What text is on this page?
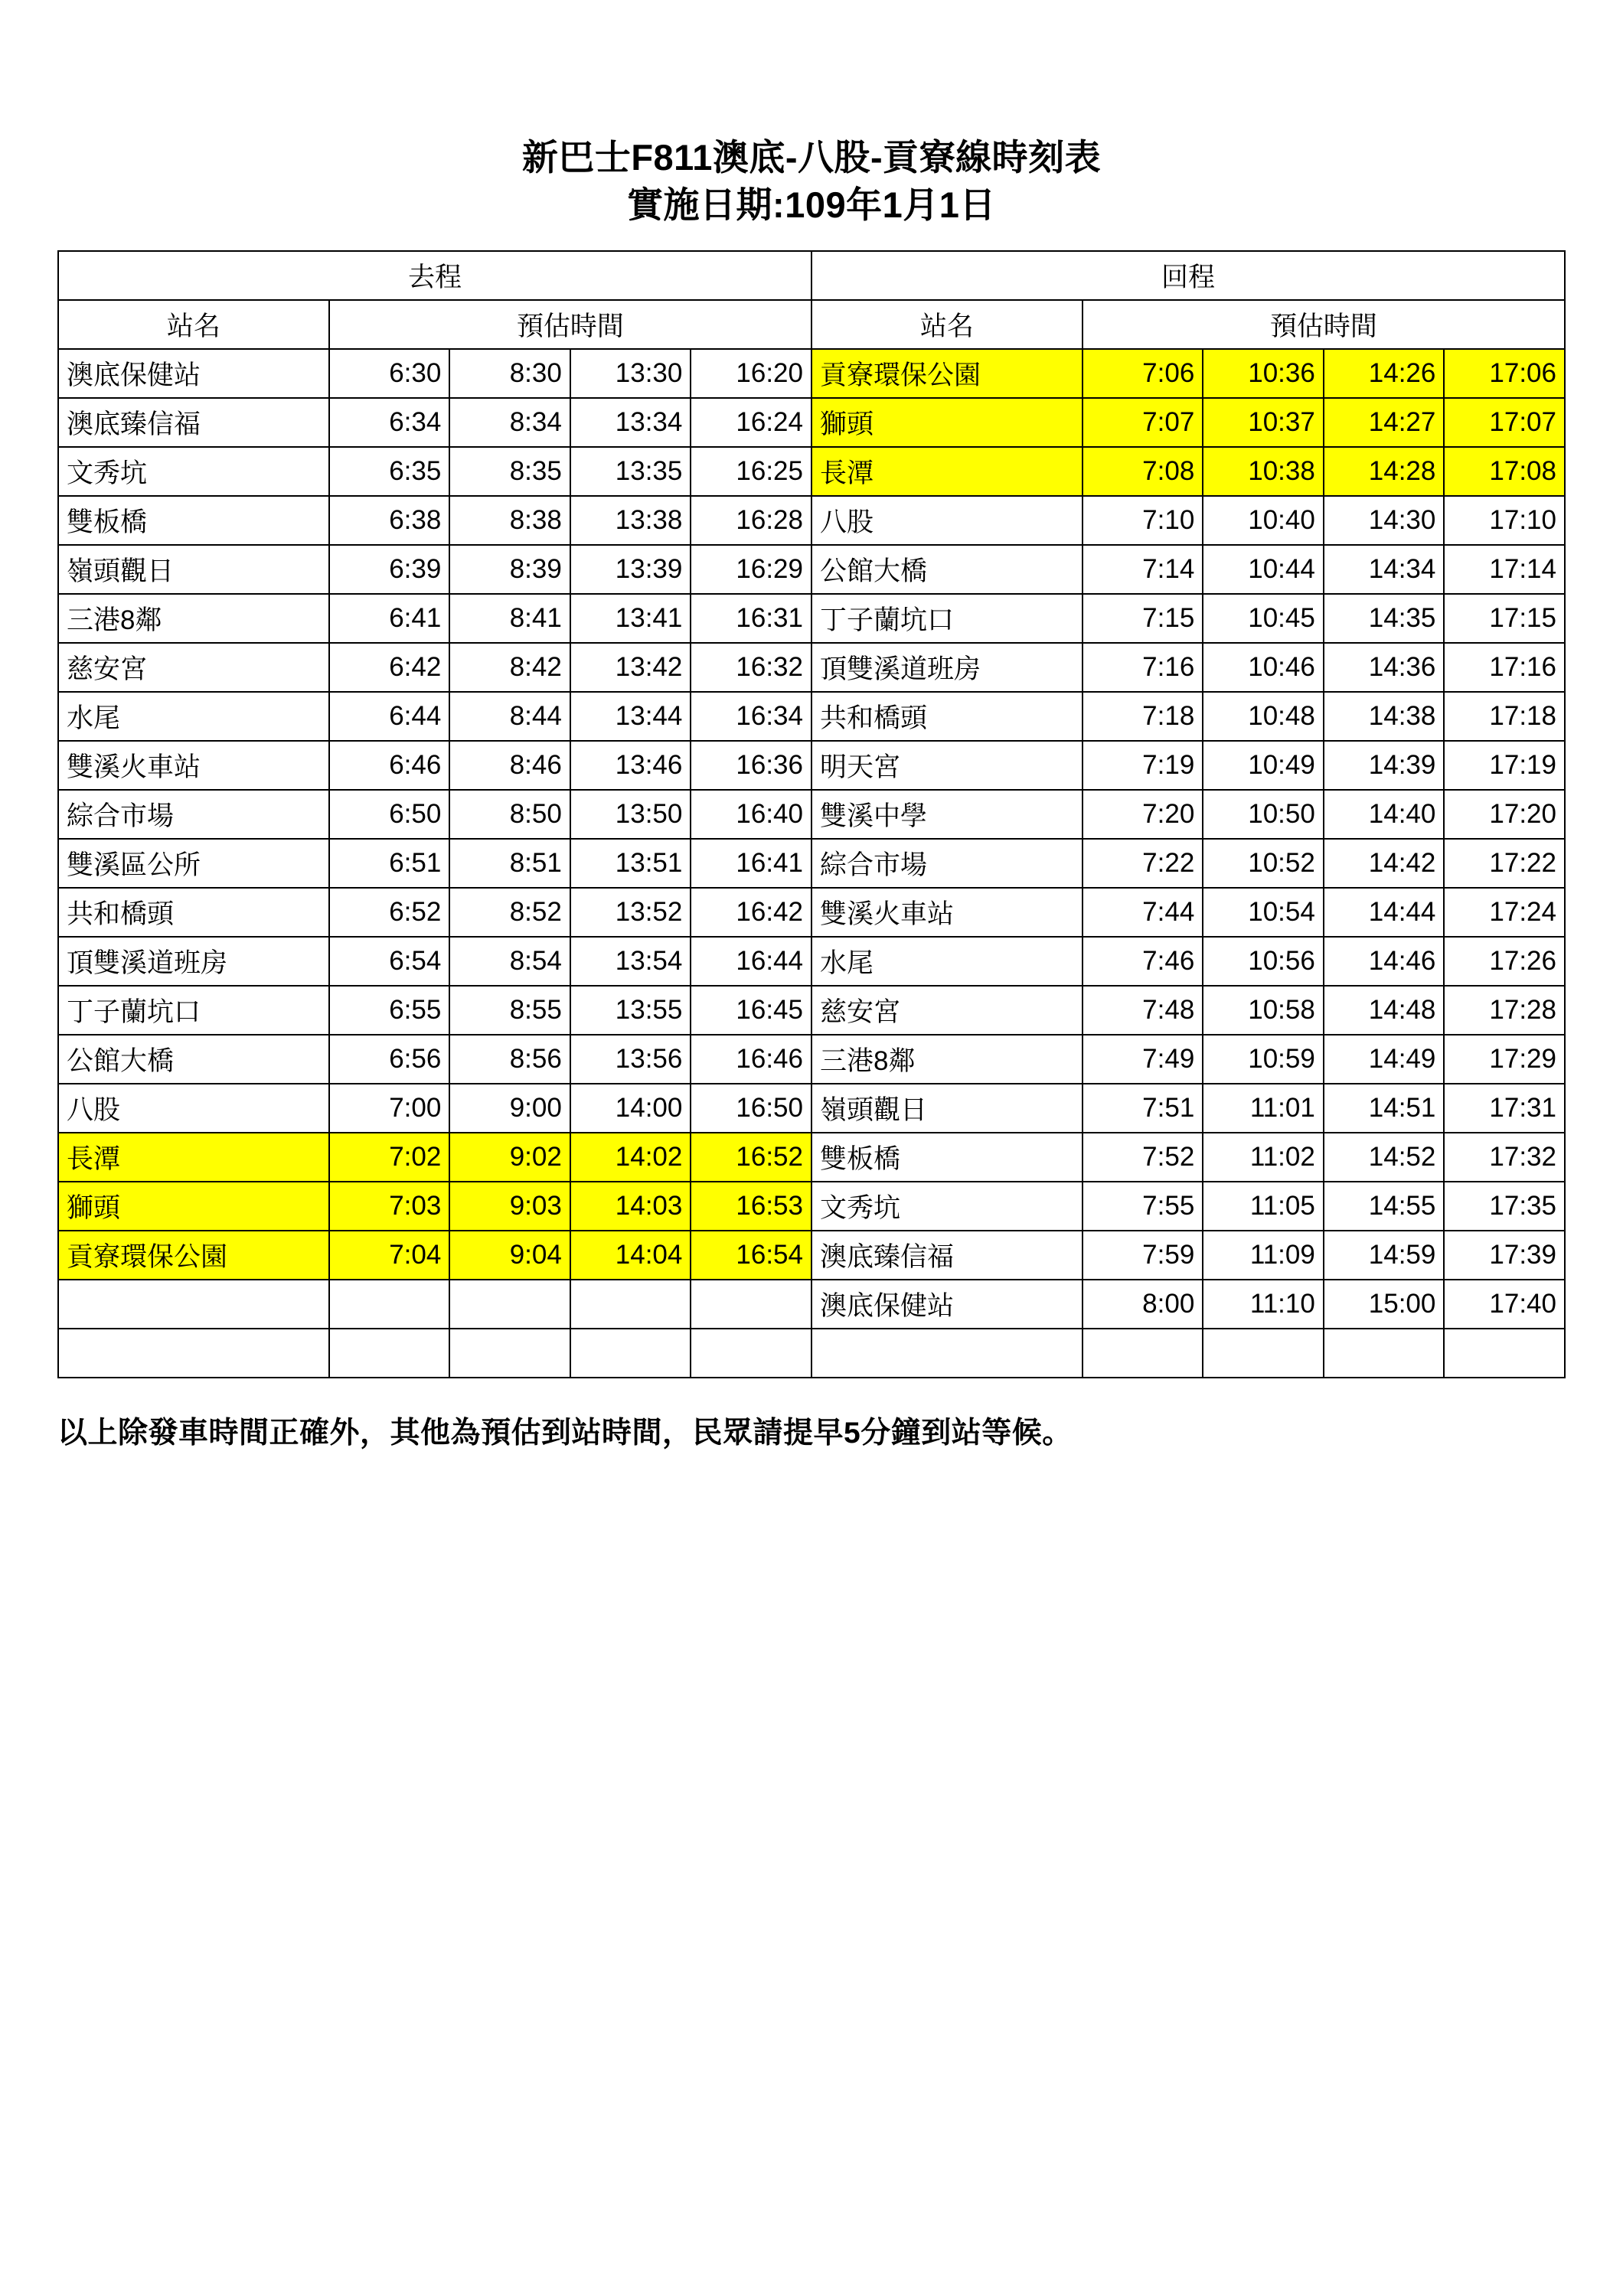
新巴士F811澳底-八股-貢寮線時刻表
實施日期:109年1月1日
去程					回程				
站名	預估時間				站名	預估時間			
澳底保健站	6:30	8:30	13:30	16:20	貢寮環保公園	7:06	10:36	14:26	17:06
澳底臻信福	6:34	8:34	13:34	16:24	獅頭	7:07	10:37	14:27	17:07
文秀坑	6:35	8:35	13:35	16:25	長潭	7:08	10:38	14:28	17:08
雙板橋	6:38	8:38	13:38	16:28	八股	7:10	10:40	14:30	17:10
嶺頭觀日	6:39	8:39	13:39	16:29	公館大橋	7:14	10:44	14:34	17:14
三港8鄰	6:41	8:41	13:41	16:31	丁子蘭坑口	7:15	10:45	14:35	17:15
慈安宮	6:42	8:42	13:42	16:32	頂雙溪道班房	7:16	10:46	14:36	17:16
水尾	6:44	8:44	13:44	16:34	共和橋頭	7:18	10:48	14:38	17:18
雙溪火車站	6:46	8:46	13:46	16:36	明天宮	7:19	10:49	14:39	17:19
綜合市場	6:50	8:50	13:50	16:40	雙溪中學	7:20	10:50	14:40	17:20
雙溪區公所	6:51	8:51	13:51	16:41	綜合市場	7:22	10:52	14:42	17:22
共和橋頭	6:52	8:52	13:52	16:42	雙溪火車站	7:44	10:54	14:44	17:24
頂雙溪道班房	6:54	8:54	13:54	16:44	水尾	7:46	10:56	14:46	17:26
丁子蘭坑口	6:55	8:55	13:55	16:45	慈安宮	7:48	10:58	14:48	17:28
公館大橋	6:56	8:56	13:56	16:46	三港8鄰	7:49	10:59	14:49	17:29
八股	7:00	9:00	14:00	16:50	嶺頭觀日	7:51	11:01	14:51	17:31
長潭	7:02	9:02	14:02	16:52	雙板橋	7:52	11:02	14:52	17:32
獅頭	7:03	9:03	14:03	16:53	文秀坑	7:55	11:05	14:55	17:35
貢寮環保公園	7:04	9:04	14:04	16:54	澳底臻信福	7:59	11:09	14:59	17:39
					澳底保健站	8:00	11:10	15:00	17:40

以上除發車時間正確外，其他為預估到站時間，民眾請提早5分鐘到站等候。
